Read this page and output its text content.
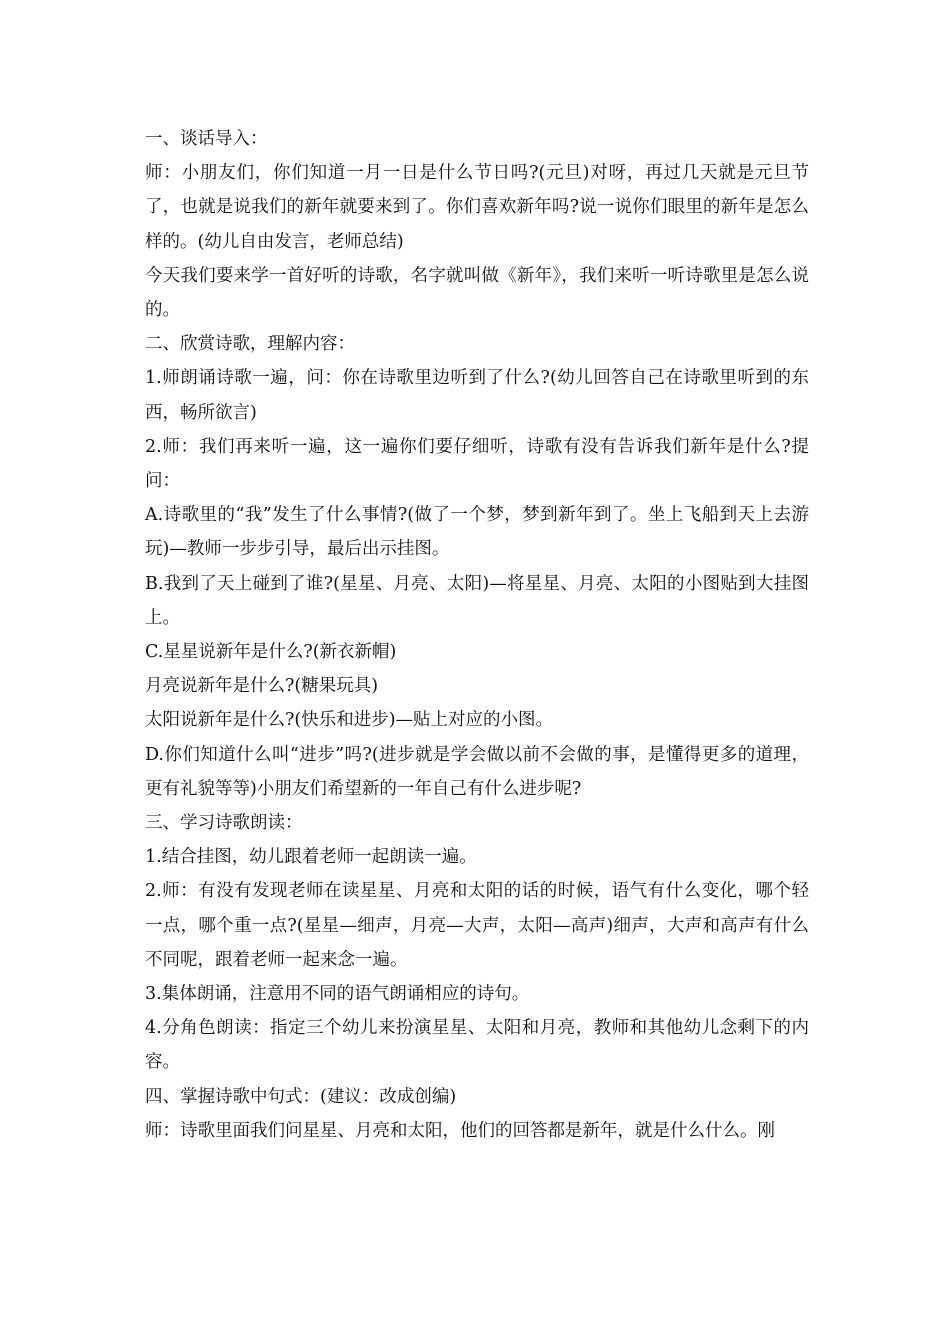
一、谈话导入：

师：小朋友们，你们知道一月一日是什么节日吗?(元旦)对呀，再过几天就是元旦节了，也就是说我们的新年就要来到了。你们喜欢新年吗?说一说你们眼里的新年是怎么样的。(幼儿自由发言，老师总结)

今天我们要来学一首好听的诗歌，名字就叫做《新年》，我们来听一听诗歌里是怎么说的。

二、欣赏诗歌，理解内容：

1.师朗诵诗歌一遍，问：你在诗歌里边听到了什么?(幼儿回答自己在诗歌里听到的东西，畅所欲言)

2.师：我们再来听一遍，这一遍你们要仔细听，诗歌有没有告诉我们新年是什么?提问：

A.诗歌里的“我”发生了什么事情?(做了一个梦，梦到新年到了。坐上飞船到天上去游玩)—教师一步步引导，最后出示挂图。

B.我到了天上碰到了谁?(星星、月亮、太阳)—将星星、月亮、太阳的小图贴到大挂图上。

C.星星说新年是什么?(新衣新帽)

月亮说新年是什么?(糖果玩具)

太阳说新年是什么?(快乐和进步)—贴上对应的小图。

D.你们知道什么叫“进步”吗?(进步就是学会做以前不会做的事，是懂得更多的道理，更有礼貌等等)小朋友们希望新的一年自己有什么进步呢?

三、学习诗歌朗读：

1.结合挂图，幼儿跟着老师一起朗读一遍。

2.师：有没有发现老师在读星星、月亮和太阳的话的时候，语气有什么变化，哪个轻一点，哪个重一点?(星星—细声，月亮—大声，太阳—高声)细声，大声和高声有什么不同呢，跟着老师一起来念一遍。

3.集体朗诵，注意用不同的语气朗诵相应的诗句。

4.分角色朗读：指定三个幼儿来扮演星星、太阳和月亮，教师和其他幼儿念剩下的内容。

四、掌握诗歌中句式：(建议：改成创编)

师：诗歌里面我们问星星、月亮和太阳，他们的回答都是新年，就是什么什么。刚
